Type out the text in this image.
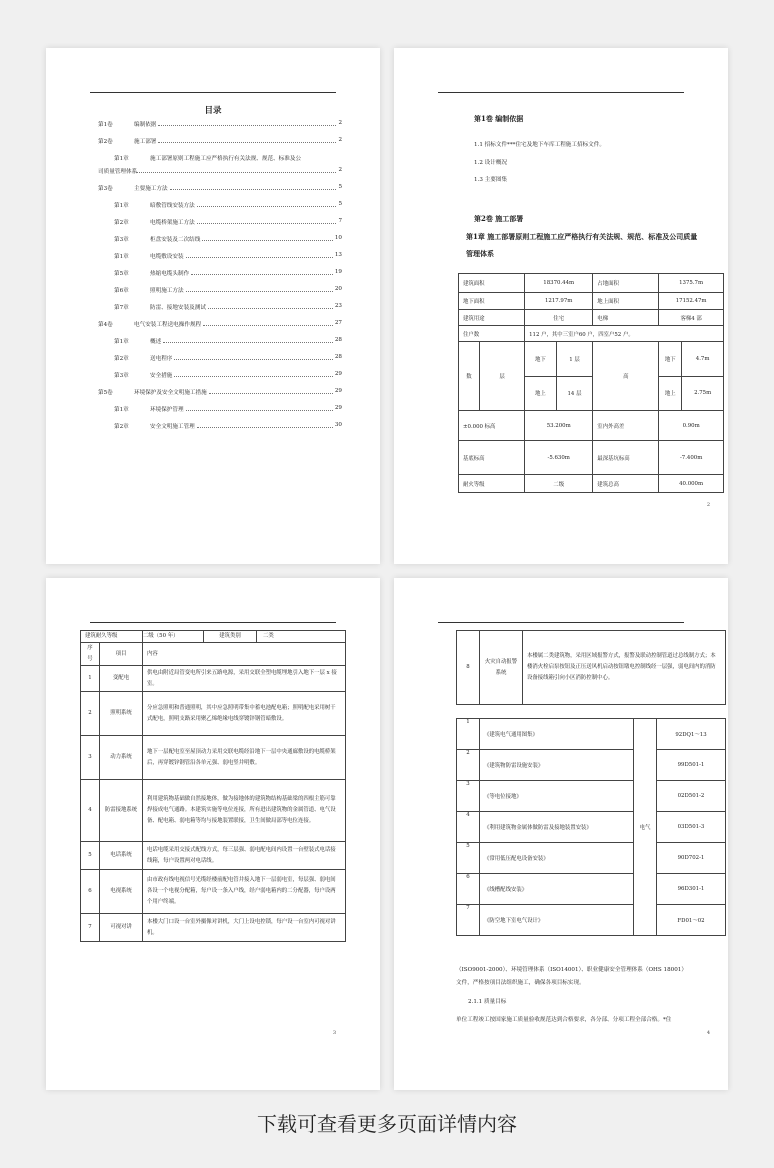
目录
第1卷	编制依据	2
第2卷	施工部署	2
第1章	施工部署原则工程施工应严格执行有关法规、规范、标准及公
司质量管理体系	2
第3卷	主要施工方法	5
第1章	暗敷管线安装方法	5
第2章	电缆桥架施工方法	7
第3章	柜盘安装及二次结线	10
第1章	电缆敷设安装	13
第5章	热缩电缆头制作	19
第6章	照明施工方法	20
第7章	防雷、接地安装及测试	23
第4卷	电气安装工程送电操作规程	27
第1章	概述	28
第2章	送电程序	28
第3章	安全措施	29
第5卷	环境保护及安全文明施工措施	29
第1章	环境保护管理	29
第2章	安全文明施工管理	30
第1卷 编制依据
1.1 招标文件***住宅及地下车库工程施工招标文件。
1.2 设计概况
1.3 主要图集
第2卷 施工部署
第1章 施工部署原则工程施工应严格执行有关法规、规范、标准及公司质量管理体系
建筑面积	18370.44m		占地面积	1375.7m	
地下面积	1217.97m		地上面积	17152.47m	
建筑用途	住宅		电梯	客梯4 部	
住户数	112 户，其中三室户60 户，四室户52 户。				

数 层	地下	1 层	高	地下	4.7m
	地上	14 层		地上	2.75m
±0.000 标高	53.200m		室内外高差	0.90m	
基底标高	-5.630m		最深基坑标高	-7.400m	
耐火等级	二级		建筑总高	40.000m	
2
建筑耐久等级		二级（50 年） 建筑类别 二类

序号	项目	内容
1	变配电	供电由附近局管变电所引来五路电源，采用交联全塑电缆埋地引入地下一层 x 接室。
2	照明系统	分应急照明和普通照明，其中应急照明带集中蓄电池配电箱；照明配电采用树干式配电，照明支路采用聚乙烯绝缘电线穿镀锌钢管暗敷设。
3	动力系统	地下一层配电室至屋顶动力采用交联电缆经沿地下一层中央通廊敷设的电缆桥架后，再穿镀锌钢管沿各单元强、弱电竖井明敷。
4	防雷接地系统	利用建筑物基础做自然接地体，做为接地体的建筑物结构基础梁的四根主筋可靠焊接成电气通路。本建筑实施等电位连接，所有进出建筑物的金属管道、电气设备、配电箱、弱电箱等均与接地装置联接，卫生间做局部等电位连接。
5	电话系统	电话电缆采用交接式配线方式，每三层强、弱电配电间内设置一台壁装式电话接线箱，每户设置两对电话线。
6	电视系统	由市政有线电视信号光缆经楼前配电管井接入地下一层弱电室，每层强、弱电间各设一个电视分配箱，每户设一条入户线，经户弱电箱内的二分配器，每户设两个用户终端。
7	可视对讲	本楼大门口设一台室外摄像对讲机，大门上设电控锁，每户设一台室内可视对讲机。
3
8	火灾自动报警系统	本楼属二类建筑物，采用区域报警方式，报警及联动控制管道过总线制方式；本楼消火栓启泵按钮及正压送风机启动按钮墩电控制线经一层强，弱电间内的消防设备接线箱引向小区消防控制中心。
1	《建筑电气通用图集》	电气	92DQ1～13
2	《建筑物防雷设施安装》		99D501-1
3	《等电位接地》		02D501-2
4	《利用建筑物金属体做防雷及接地装置安装》		03D501-3
5	《常用低压配电设备安装》		90D702-1
6	《线槽配线安装》		96D301-1
7	《防空地下室电气设计》		FD01～02
（ISO9001-2000）、环境管理体系（ISO14001）、职业健康安全管理体系（OHS 18001）文件，严格按项目法组织施工，确保各项目标实现。
2.1.1 质量目标
单位工程竣工按国家施工质量验收规范达到合格要求，各分部、分项工程全部合格。*住
4
下载可查看更多页面详情内容
